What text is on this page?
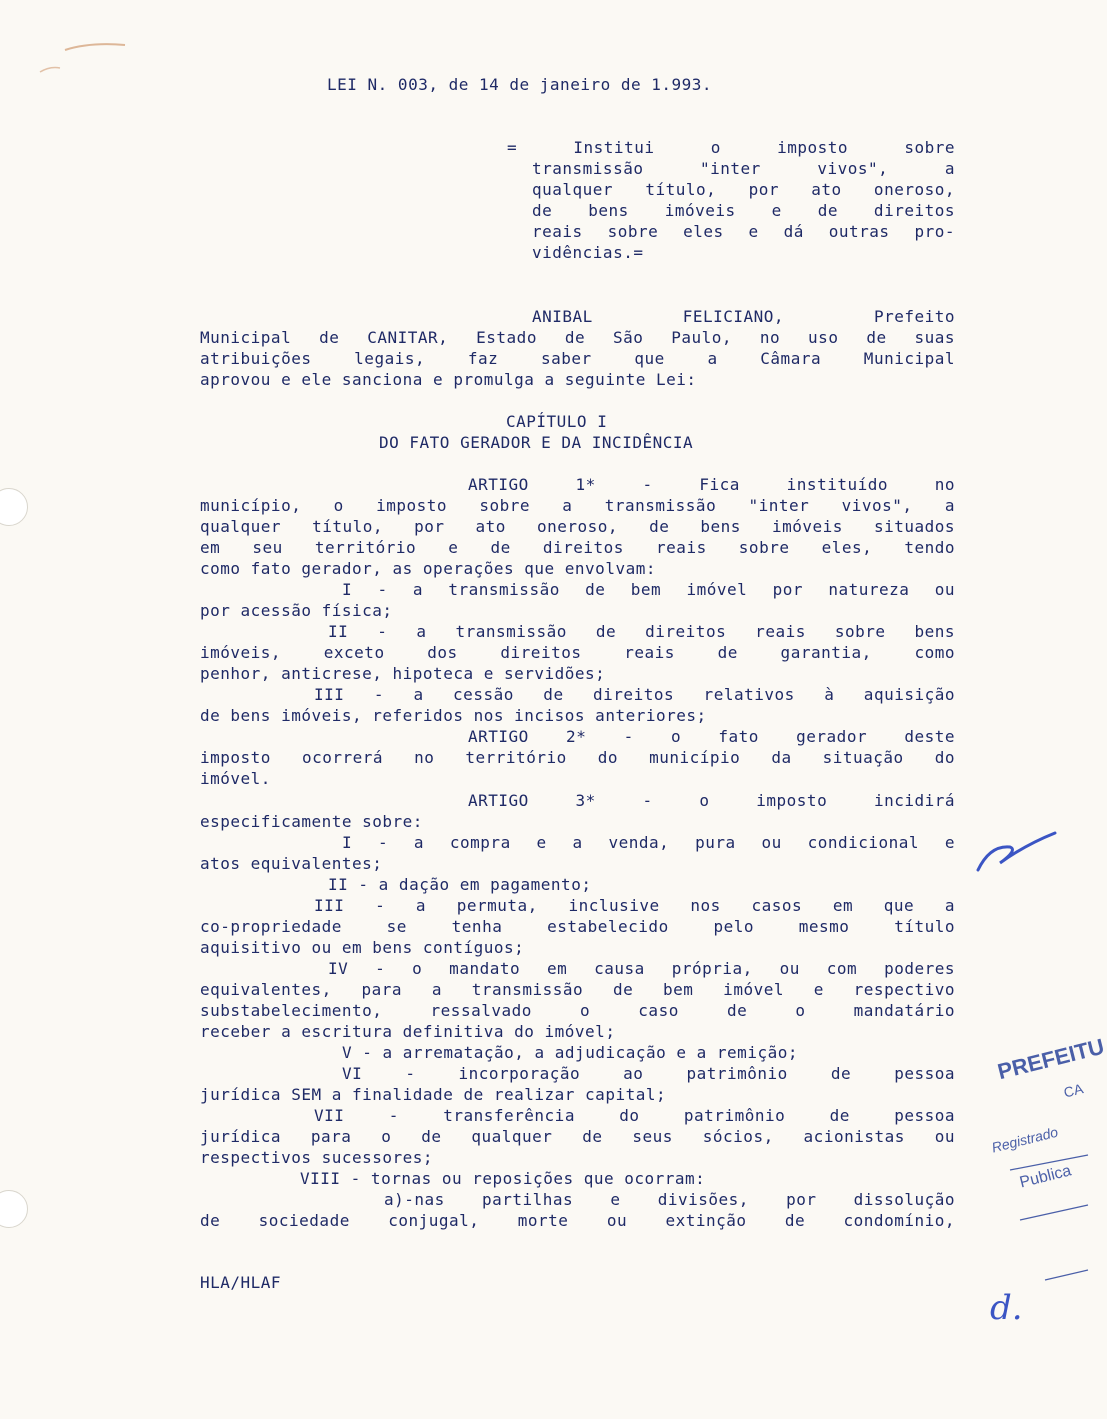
LEI N. 003, de 14 de janeiro de 1.993.
= Institui o imposto sobre
transmissão "inter vivos", a
qualquer título, por ato oneroso,
de bens imóveis e de direitos
reais sobre eles e dá outras pro-
vidências.=
ANIBAL FELICIANO, Prefeito
Municipal de CANITAR, Estado de São Paulo, no uso de suas
atribuições legais, faz saber que a Câmara Municipal
aprovou e ele sanciona e promulga a seguinte Lei:
CAPÍTULO I
DO FATO GERADOR E DA INCIDÊNCIA
ARTIGO 1* - Fica instituído no
município, o imposto sobre a transmissão "inter vivos", a
qualquer título, por ato oneroso, de bens imóveis situados
em seu território e de direitos reais sobre eles, tendo
como fato gerador, as operações que envolvam:
I - a transmissão de bem imóvel por natureza ou
por acessão física;
II - a transmissão de direitos reais sobre bens
imóveis, exceto dos direitos reais de garantia, como
penhor, anticrese, hipoteca e servidões;
III - a cessão de direitos relativos à aquisição
de bens imóveis, referidos nos incisos anteriores;
ARTIGO 2* - o fato gerador deste
imposto ocorrerá no território do município da situação do
imóvel.
ARTIGO 3* - o imposto incidirá
especificamente sobre:
I - a compra e a venda, pura ou condicional e
atos equivalentes;
II - a dação em pagamento;
III - a permuta, inclusive nos casos em que a
co-propriedade se tenha estabelecido pelo mesmo título
aquisitivo ou em bens contíguos;
IV - o mandato em causa própria, ou com poderes
equivalentes, para a transmissão de bem imóvel e respectivo
substabelecimento, ressalvado o caso de o mandatário
receber a escritura definitiva do imóvel;
V - a arrematação, a adjudicação e a remição;
VI - incorporação ao patrimônio de pessoa
jurídica SEM a finalidade de realizar capital;
VII - transferência do patrimônio de pessoa
jurídica para o de qualquer de seus sócios, acionistas ou
respectivos sucessores;
VIII - tornas ou reposições que ocorram:
a)-nas partilhas e divisões, por dissolução
de sociedade conjugal, morte ou extinção de condomínio,
HLA/HLAF
PREFEITU
CA
Registrado
Publica
d.
